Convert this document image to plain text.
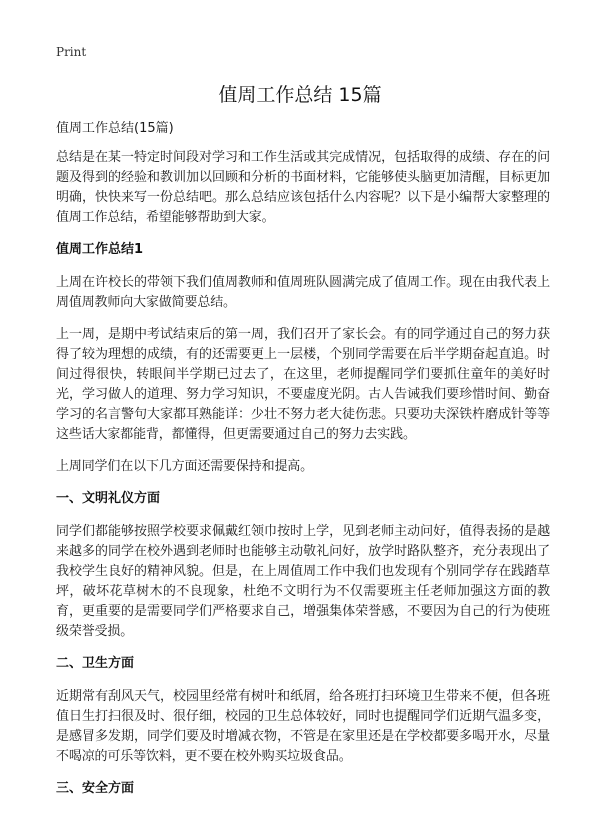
Print
值周工作总结 15篇
值周工作总结(15篇)

总结是在某一特定时间段对学习和工作生活或其完成情况，包括取得的成绩、存在的问题及得到的经验和教训加以回顾和分析的书面材料，它能够使头脑更加清醒，目标更加明确，快快来写一份总结吧。那么总结应该包括什么内容呢？以下是小编帮大家整理的值周工作总结，希望能够帮助到大家。

值周工作总结1

上周在许校长的带领下我们值周教师和值周班队圆满完成了值周工作。现在由我代表上周值周教师向大家做简要总结。

上一周，是期中考试结束后的第一周，我们召开了家长会。有的同学通过自己的努力获得了较为理想的成绩，有的还需要更上一层楼，个别同学需要在后半学期奋起直追。时间过得很快，转眼间半学期已过去了，在这里，老师提醒同学们要抓住童年的美好时光，学习做人的道理、努力学习知识，不要虚度光阴。古人告诫我们要珍惜时间、勤奋学习的名言警句大家都耳熟能详：少壮不努力老大徒伤悲。只要功夫深铁杵磨成针等等这些话大家都能背，都懂得，但更需要通过自己的努力去实践。

上周同学们在以下几方面还需要保持和提高。

一、文明礼仪方面

同学们都能够按照学校要求佩戴红领巾按时上学，见到老师主动问好，值得表扬的是越来越多的同学在校外遇到老师时也能够主动敬礼问好，放学时路队整齐，充分表现出了我校学生良好的精神风貌。但是，在上周值周工作中我们也发现有个别同学存在践踏草坪，破坏花草树木的不良现象，杜绝不文明行为不仅需要班主任老师加强这方面的教育，更重要的是需要同学们严格要求自己，增强集体荣誉感，不要因为自己的行为使班级荣誉受损。

二、卫生方面

近期常有刮风天气，校园里经常有树叶和纸屑，给各班打扫环境卫生带来不便，但各班值日生打扫很及时、很仔细，校园的卫生总体较好，同时也提醒同学们近期气温多变，是感冒多发期，同学们要及时增减衣物，不管是在家里还是在学校都要多喝开水，尽量不喝凉的可乐等饮料，更不要在校外购买垃圾食品。

三、安全方面
